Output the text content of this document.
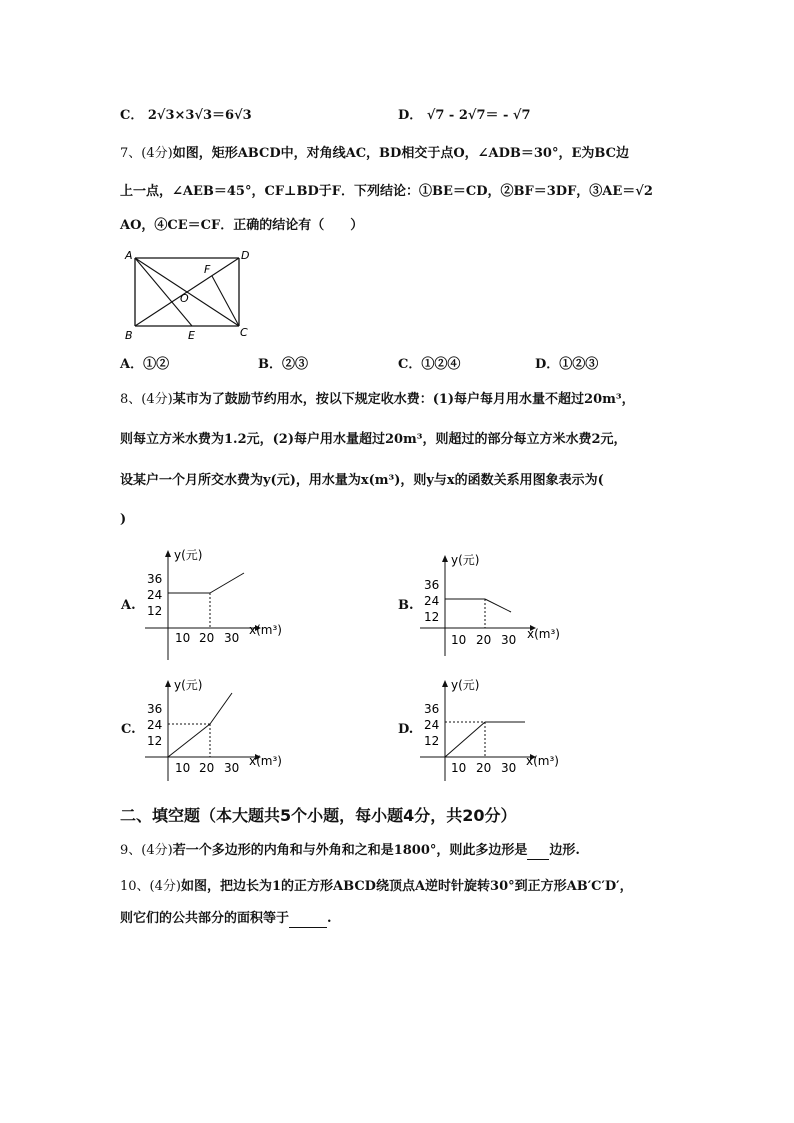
C． 2√3×3√3＝6√3	D． √7 - 2√7＝ - √7
7、(4分)如图，矩形ABCD中，对角线AC，BD相交于点O，∠ADB＝30°，E为BC边
上一点，∠AEB＝45°，CF⊥BD于F．下列结论：①BE＝CD，②BF＝3DF，③AE＝√2
AO，④CE＝CF．正确的结论有（　　）
A	D
F
O
B	E	C
A．①②	B．②③	C．①②④	D．①②③
8、(4分)某市为了鼓励节约用水，按以下规定收水费：(1)每户每月用水量不超过20m³，
则每立方米水费为1.2元，(2)每户用水量超过20m³，则超过的部分每立方米水费2元，
设某户一个月所交水费为y(元)，用水量为x(m³)，则y与x的函数关系用图象表示为(
)
A.
y(元)
x(m³)
36
24
12
10 20 30
B.
y(元)
x(m³)
36
24
12
10 20 30
C.
y(元)
x(m³)
36
24
12
10 20 30
D.
y(元)
x(m³)
36
24
12
10 20 30
二、填空题（本大题共5个小题，每小题4分，共20分）
9、(4分)若一个多边形的内角和与外角和之和是1800°，则此多边形是 边形.
10、(4分)如图，把边长为1的正方形ABCD绕顶点A逆时针旋转30°到正方形AB′C′D′，
则它们的公共部分的面积等于	.
